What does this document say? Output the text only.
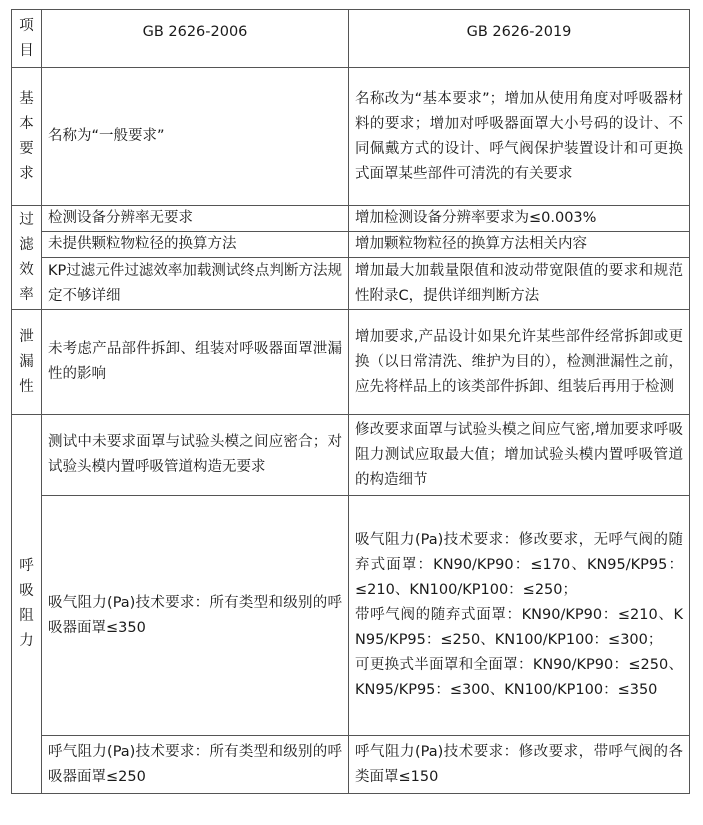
项目	GB 2626-2006	GB 2626-2019

基本要求	名称为“一般要求”	名称改为“基本要求”；增加从使用角度对呼吸器材料的要求；增加对呼吸器面罩大小号码的设计、不同佩戴方式的设计、呼气阀保护装置设计和可更换式面罩某些部件可清洗的有关要求

过滤效率	检测设备分辨率无要求	增加检测设备分辨率要求为≤0.003%
	未提供颗粒物粒径的换算方法	增加颗粒物粒径的换算方法相关内容
	KP过滤元件过滤效率加载测试终点判断方法规定不够详细	增加最大加载量限值和波动带宽限值的要求和规范性附录C，提供详细判断方法

泄漏性	未考虑产品部件拆卸、组装对呼吸器面罩泄漏性的影响	增加要求,产品设计如果允许某些部件经常拆卸或更换（以日常清洗、维护为目的），检测泄漏性之前，应先将样品上的该类部件拆卸、组装后再用于检测

呼吸阻力	测试中未要求面罩与试验头模之间应密合；对试验头模内置呼吸管道构造无要求	修改要求面罩与试验头模之间应气密,增加要求呼吸阻力测试应取最大值；增加试验头模内置呼吸管道的构造细节
	吸气阻力(Pa)技术要求：所有类型和级别的呼吸器面罩≤350	吸气阻力(Pa)技术要求：修改要求，无呼气阀的随弃式面罩：KN90/KP90：≤170、KN95/KP95：≤210、KN100/KP100：≤250；
带呼气阀的随弃式面罩：KN90/KP90：≤210、KN95/KP95：≤250、KN100/KP100：≤300；
可更换式半面罩和全面罩：KN90/KP90：≤250、KN95/KP95：≤300、KN100/KP100：≤350

	呼气阻力(Pa)技术要求：所有类型和级别的呼吸器面罩≤250	呼气阻力(Pa)技术要求：修改要求，带呼气阀的各类面罩≤150
